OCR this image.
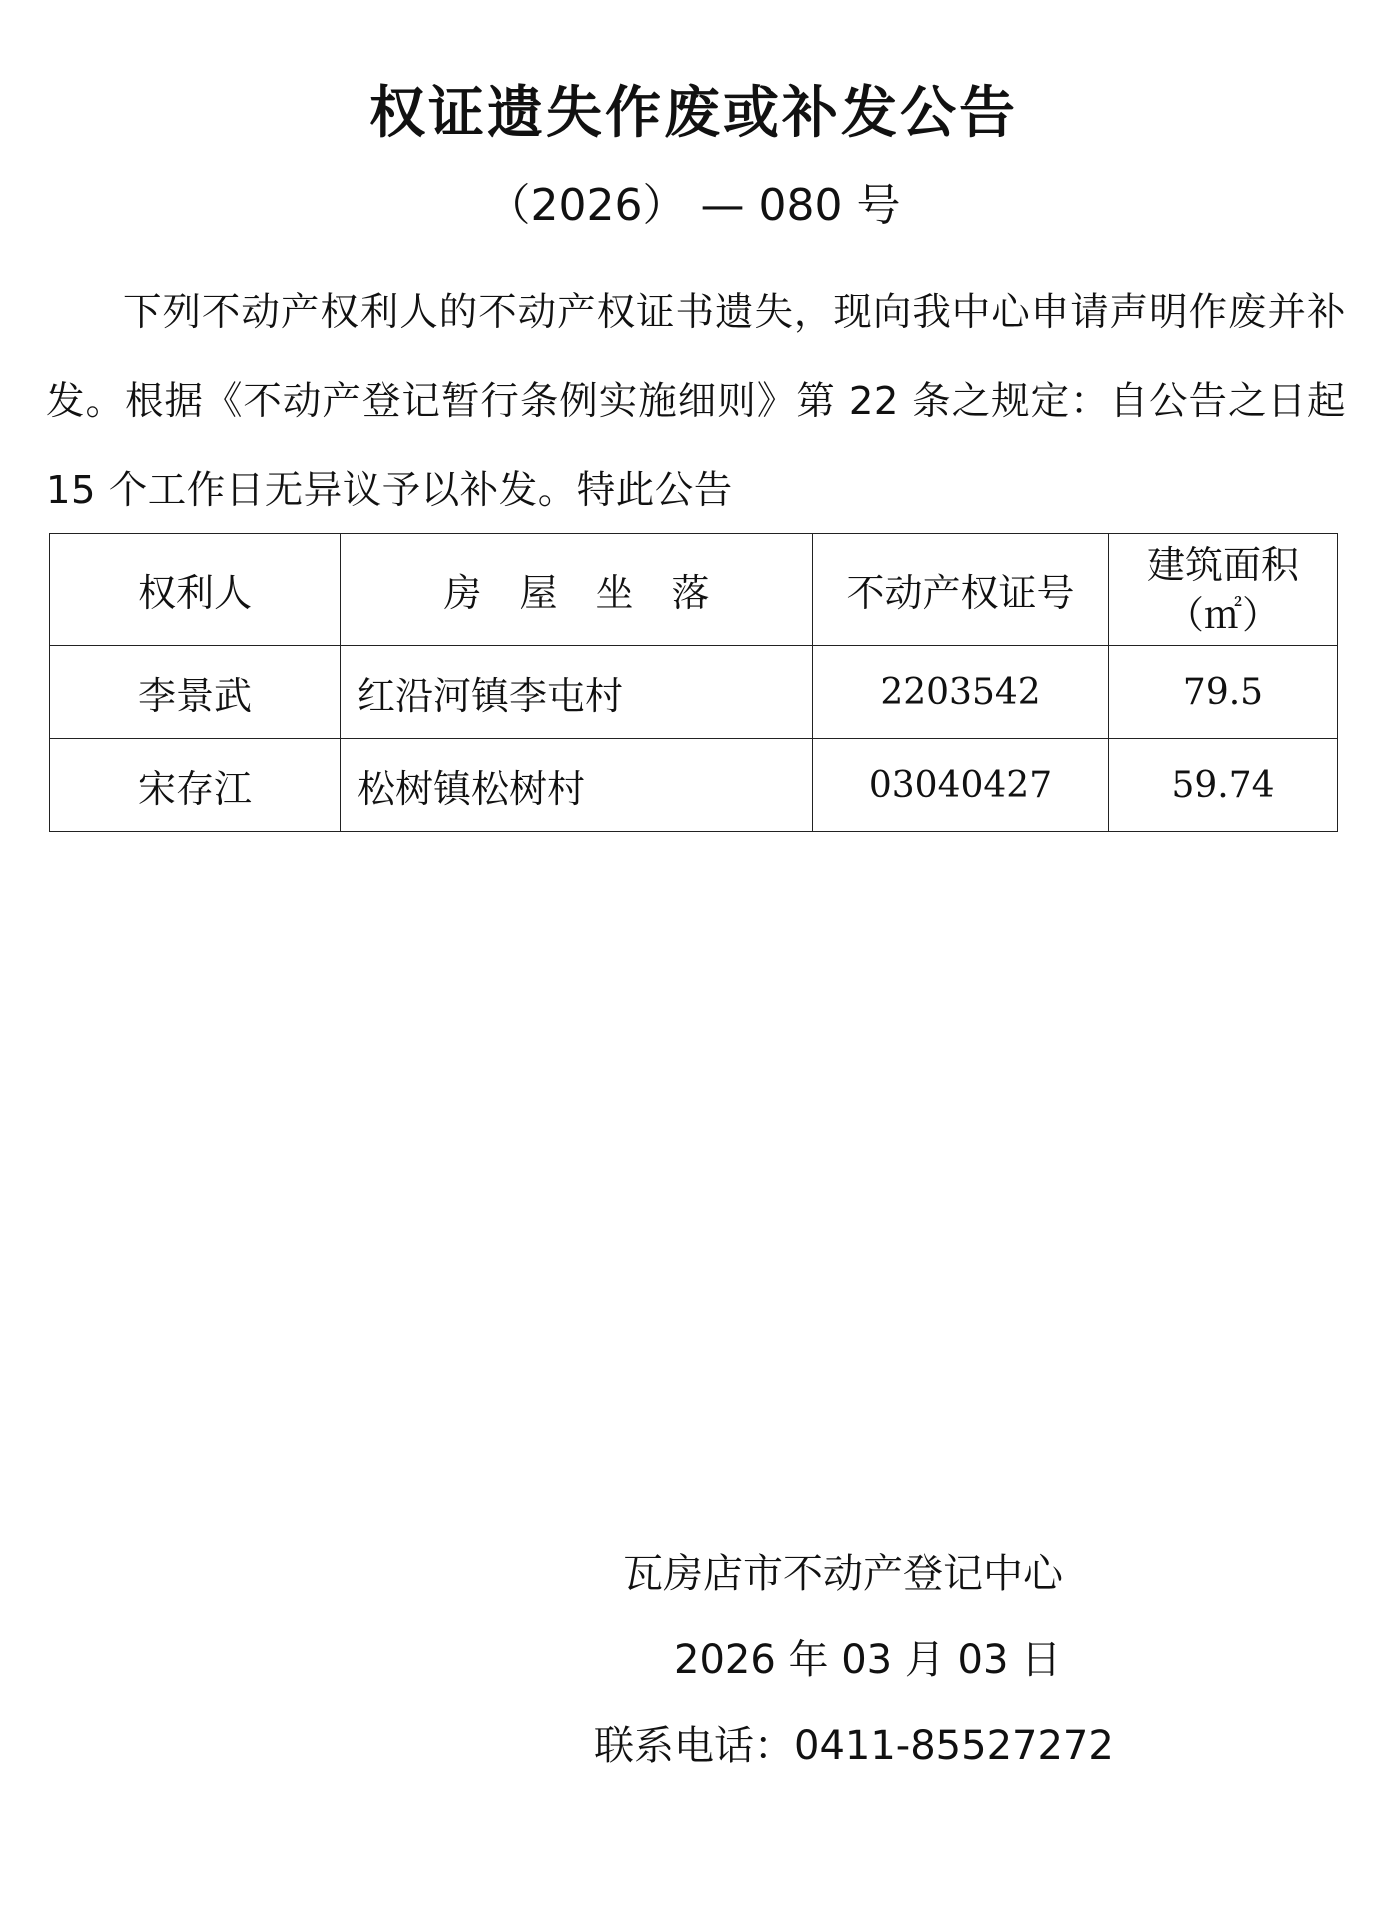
权证遗失作废或补发公告
（2026） — 080 号
下列不动产权利人的不动产权证书遗失，现向我中心申请声明作废并补发。根据《不动产登记暂行条例实施细则》第 22 条之规定：自公告之日起 15 个工作日无异议予以补发。特此公告
权利人	房屋坐落	不动产权证号	建筑面积
（㎡）

李景武	红沿河镇李屯村	2203542	79.5
宋存江	松树镇松树村	03040427	59.74
瓦房店市不动产登记中心
2026 年 03 月 03 日
联系电话：0411-85527272
